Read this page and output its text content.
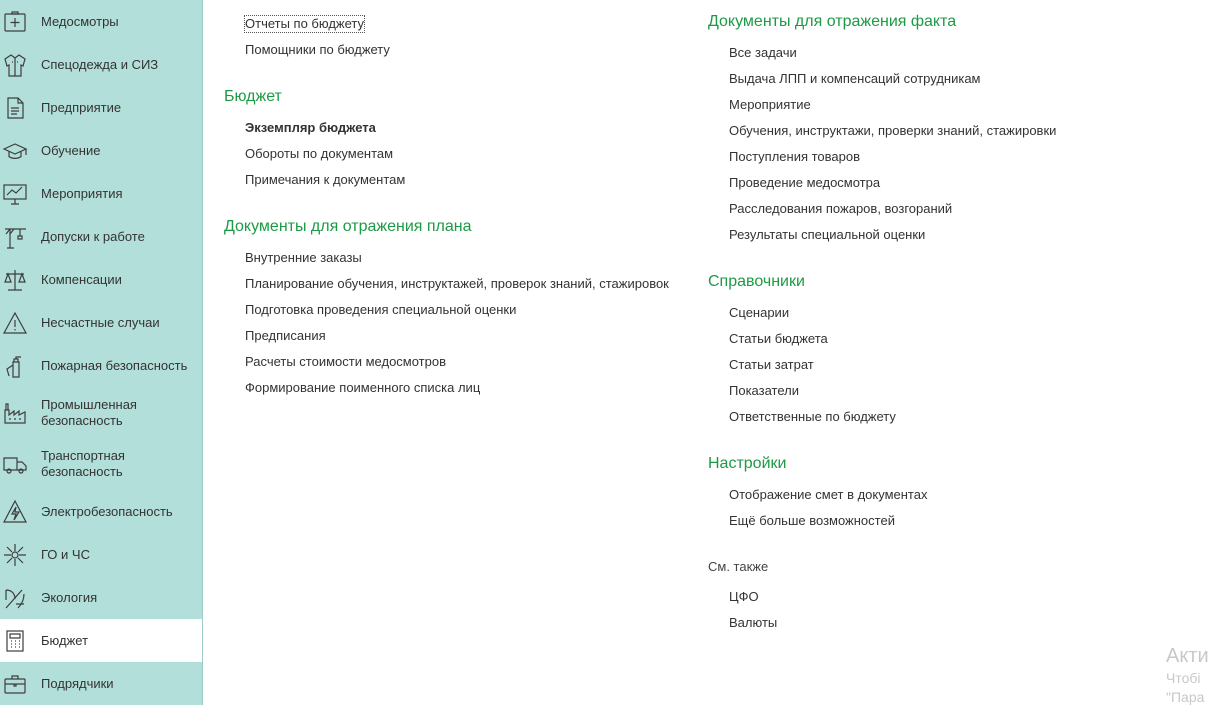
Медосмотры
Спецодежда и СИЗ
Предприятие
Обучение
Мероприятия
Допуски к работе
Компенсации
Несчастные случаи
Пожарная безопасность
Промышленная безопасность
Транспортная безопасность
Электробезопасность
ГО и ЧС
Экология
Бюджет
Подрядчики
Отчеты по бюджету
Помощники по бюджету
Бюджет
Экземпляр бюджета
Обороты по документам
Примечания к документам
Документы для отражения плана
Внутренние заказы
Планирование обучения, инструктажей, проверок знаний, стажировок
Подготовка проведения специальной оценки
Предписания
Расчеты стоимости медосмотров
Формирование поименного списка лиц
Документы для отражения факта
Все задачи
Выдача ЛПП и компенсаций сотрудникам
Мероприятие
Обучения, инструктажи, проверки знаний, стажировки
Поступления товаров
Проведение медосмотра
Расследования пожаров, возгораний
Результаты специальной оценки
Справочники
Сценарии
Статьи бюджета
Статьи затрат
Показатели
Ответственные по бюджету
Настройки
Отображение смет в документах
Ещё больше возможностей
См. также
ЦФО
Валюты
Акти
Чтобі
"Пара
